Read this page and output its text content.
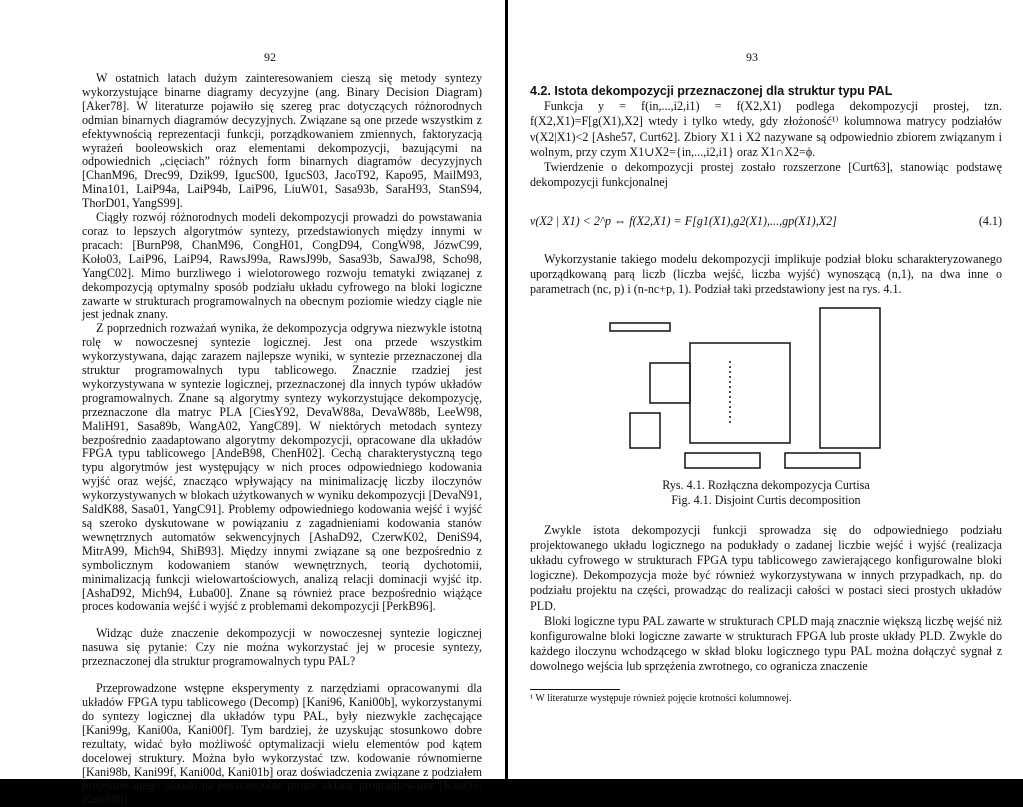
92

W ostatnich latach dużym zainteresowaniem cieszą się metody syntezy wykorzystujące binarne diagramy decyzyjne (ang. Binary Decision Diagram) [Aker78]. W literaturze pojawiło się szereg prac dotyczących różnorodnych odmian binarnych diagramów decyzyjnych. Związane są one przede wszystkim z efektywnością reprezentacji funkcji, porządkowaniem zmiennych, faktoryzacją wyrażeń booleowskich oraz elementami dekompozycji, bazującymi na odpowiednich „cięciach” różnych form binarnych diagramów decyzyjnych [ChanM96, Drec99, Dzik99, IgucS00, IgucS03, JacoT92, Kapo95, MailM93, Mina101, LaiP94a, LaiP94b, LaiP96, LiuW01, Sasa93b, SaraH93, StanS94, ThorD01, YangS99].

Ciągły rozwój różnorodnych modeli dekompozycji prowadzi do powstawania coraz to lepszych algorytmów syntezy, przedstawionych między innymi w pracach: [BurnP98, ChanM96, CongH01, CongD94, CongW98, JózwC99, Koło03, LaiP96, LaiP94, RawsJ99a, RawsJ99b, Sasa93b, SawaJ98, Scho98, YangC02]. Mimo burzliwego i wielotorowego rozwoju tematyki związanej z dekompozycją optymalny sposób podziału układu cyfrowego na bloki logiczne zawarte w strukturach programowalnych na obecnym poziomie wiedzy ciągle nie jest jednak znany.

Z poprzednich rozważań wynika, że dekompozycja odgrywa niezwykle istotną rolę w nowoczesnej syntezie logicznej. Jest ona przede wszystkim wykorzystywana, dając zarazem najlepsze wyniki, w syntezie przeznaczonej dla struktur programowalnych typu tablicowego. Znacznie rzadziej jest wykorzystywana w syntezie logicznej, przeznaczonej dla innych typów układów programowalnych. Znane są algorytmy syntezy wykorzystujące dekompozycję, przeznaczone dla matryc PLA [CiesY92, DevaW88a, DevaW88b, LeeW98, MaliH91, Sasa89b, WangA02, YangC89]. W niektórych metodach syntezy bezpośrednio zaadaptowano algorytmy dekompozycji, opracowane dla układów FPGA typu tablicowego [AndeB98, ChenH02]. Cechą charakterystyczną tego typu algorytmów jest występujący w nich proces odpowiedniego kodowania wyjść oraz wejść, znacząco wpływający na minimalizację liczby iloczynów wykorzystywanych w blokach użytkowanych w wyniku dekompozycji [DevaN91, SaldK88, Sasa01, YangC91]. Problemy odpowiedniego kodowania wejść i wyjść są szeroko dyskutowane w powiązaniu z zagadnieniami kodowania stanów wewnętrznych automatów sekwencyjnych [AshaD92, CzerwK02, DeniS94, MitrA99, Mich94, ShiB93]. Między innymi związane są one bezpośrednio z symbolicznym kodowaniem stanów wewnętrznych, teorią dychotomii, minimalizacją funkcji wielowartościowych, analizą relacji dominacji wyjść itp. [AshaD92, Mich94, Łuba00]. Znane są również prace bezpośrednio wiążące proces kodowania wejść i wyjść z problemami dekompozycji [PerkB96].

Widząc duże znaczenie dekompozycji w nowoczesnej syntezie logicznej nasuwa się pytanie: Czy nie można wykorzystać jej w procesie syntezy, przeznaczonej dla struktur programowalnych typu PAL?

Przeprowadzone wstępne eksperymenty z narzędziami opracowanymi dla układów FPGA typu tablicowego (Decomp) [Kani96, Kani00b], wykorzystanymi do syntezy logicznej dla układów typu PAL, były niezwykle zachęcające [Kani99g, Kani00a, Kani00f]. Tym bardziej, że uzyskując stosunkowo dobre rezultaty, widać było możliwość optymalizacji wielu elementów pod kątem docelowej struktury. Można było wykorzystać tzw. kodowanie równomierne [Kani98b, Kani99f, Kani00d, Kani01b] oraz doświadczenia związane z podziałem projektowanego układu na poszczególne proste układy programowalne [Kani95, Kani98b].

93

4.2. Istota dekompozycji przeznaczonej dla struktur typu PAL

Funkcja y = f(in,...,i2,i1) = f(X2,X1) podlega dekompozycji prostej, tzn. f(X2,X1)=F[g(X1),X2] wtedy i tylko wtedy, gdy złożoność¹⁾ kolumnowa matrycy podziałów ν(X2|X1)<2 [Ashe57, Curt62]. Zbiory X1 i X2 nazywane są odpowiednio zbiorem związanym i wolnym, przy czym X1∪X2={in,...,i2,i1} oraz X1∩X2=ϕ.

Twierdzenie o dekompozycji prostej zostało rozszerzone [Curt63], stanowiąc podstawę dekompozycji funkcjonalnej

ν(X2 | X1) < 2^p ⇔ f(X2,X1) = F[g1(X1),g2(X1),...,gp(X1),X2]	(4.1)

Wykorzystanie takiego modelu dekompozycji implikuje podział bloku scharakteryzowanego uporządkowaną parą liczb (liczba wejść, liczba wyjść) wynoszącą (n,1), na dwa inne o parametrach (nc, p) i (n-nc+p, 1). Podział taki przedstawiony jest na rys. 4.1.

Rys. 4.1. Rozłączna dekompozycja Curtisa

Fig. 4.1. Disjoint Curtis decomposition

Zwykle istota dekompozycji funkcji sprowadza się do odpowiedniego podziału projektowanego układu logicznego na podukłady o zadanej liczbie wejść i wyjść (realizacja układu cyfrowego w strukturach FPGA typu tablicowego zawierającego konfigurowalne bloki logiczne). Dekompozycja może być również wykorzystywana w innych przypadkach, np. do podziału projektu na części, prowadząc do realizacji całości w postaci sieci prostych układów PLD.

Bloki logiczne typu PAL zawarte w strukturach CPLD mają znacznie większą liczbę wejść niż konfigurowalne bloki logiczne zawarte w strukturach FPGA lub proste układy PLD. Zwykle do każdego iloczynu wchodzącego w skład bloku logicznego typu PAL można dołączyć sygnał z dowolnego wejścia lub sprzężenia zwrotnego, co ogranicza znaczenie

¹ W literaturze występuje również pojęcie krotności kolumnowej.
